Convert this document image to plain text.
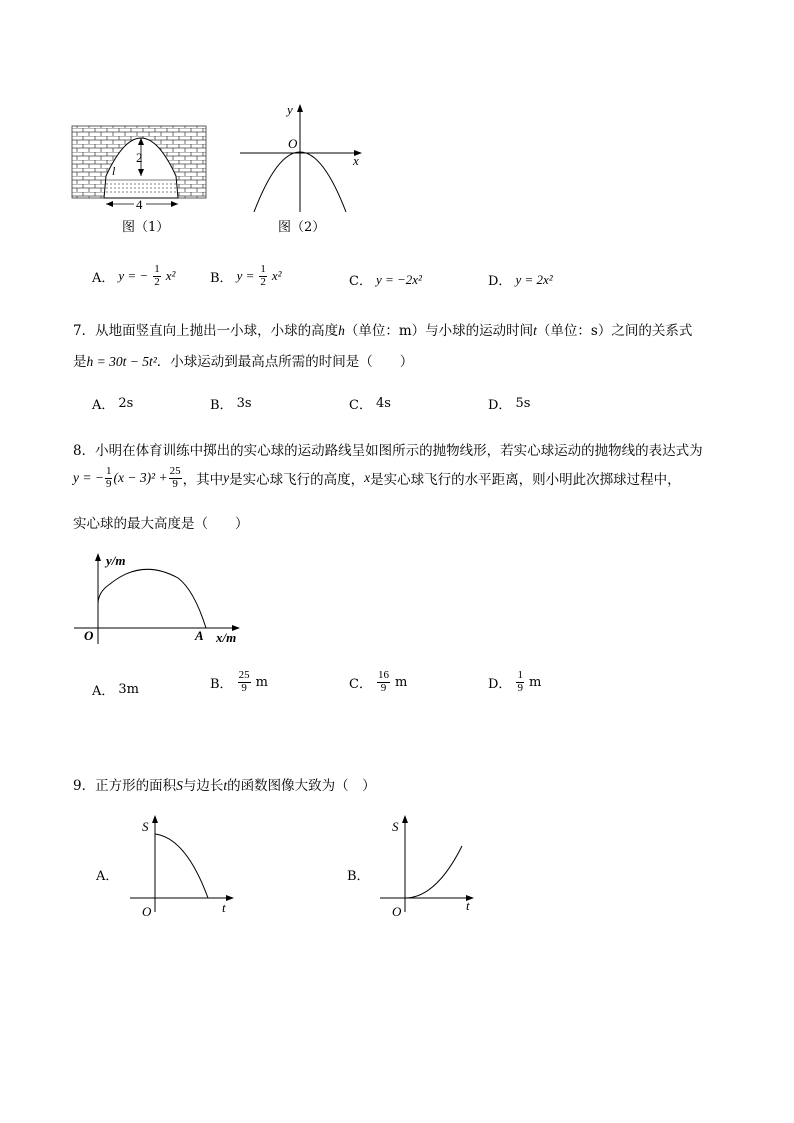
2
4
l
图（1）
O
y
x
图（2）
A． y = − $\frac{1}{2} x^2$	B． $y = \frac{1}{2} x^2$	C． y = −2x²	D． y = 2x²
7．从地面竖直向上抛出一小球，小球的高度h（单位：m）与小球的运动时间t（单位：s）之间的关系式
是h = 30t − 5t²．小球运动到最高点所需的时间是（　　）
A． 2s	B． 3s	C． 4s	D． 5s
8．小明在体育训练中掷出的实心球的运动路线呈如图所示的抛物线形，若实心球运动的抛物线的表达式为
y = − $\frac{1}{9} (x - 3)^2 + \frac{25}{9}$ ，其中 y 是实心球飞行的高度， x 是实心球飞行的水平距离，则小明此次掷球过程中，
实心球的最大高度是（　　）
y/m
O	A x/m
A． 3m	B． $\frac{25}{9}$ m	C． $\frac{16}{9}$ m	D． $\frac{1}{9}$ m
9．正方形的面积S与边长t的函数图像大致为（　）
A．
S
O	t
B．
S
O	t
